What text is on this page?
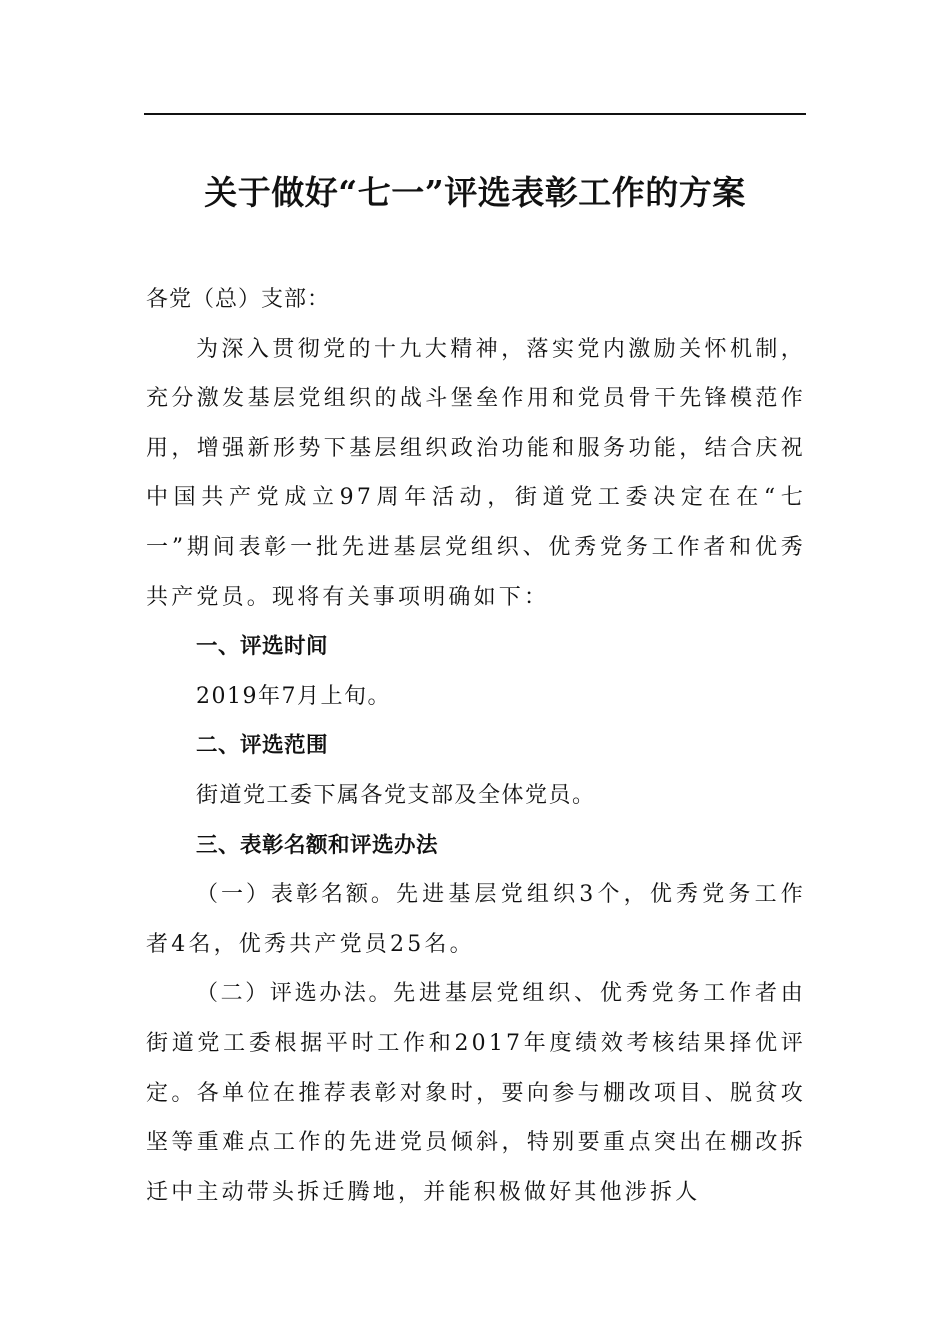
关于做好“七一”评选表彰工作的方案

各党（总）支部：

为深入贯彻党的十九大精神，落实党内激励关怀机制，充分激发基层党组织的战斗堡垒作用和党员骨干先锋模范作用，增强新形势下基层组织政治功能和服务功能，结合庆祝中国共产党成立97周年活动，街道党工委决定在在“七一”期间表彰一批先进基层党组织、优秀党务工作者和优秀共产党员。现将有关事项明确如下：

一、评选时间

2019年7月上旬。

二、评选范围

街道党工委下属各党支部及全体党员。

三、表彰名额和评选办法

（一）表彰名额。先进基层党组织3个，优秀党务工作者4名，优秀共产党员25名。

（二）评选办法。先进基层党组织、优秀党务工作者由街道党工委根据平时工作和2017年度绩效考核结果择优评定。各单位在推荐表彰对象时，要向参与棚改项目、脱贫攻坚等重难点工作的先进党员倾斜，特别要重点突出在棚改拆迁中主动带头拆迁腾地，并能积极做好其他涉拆人
